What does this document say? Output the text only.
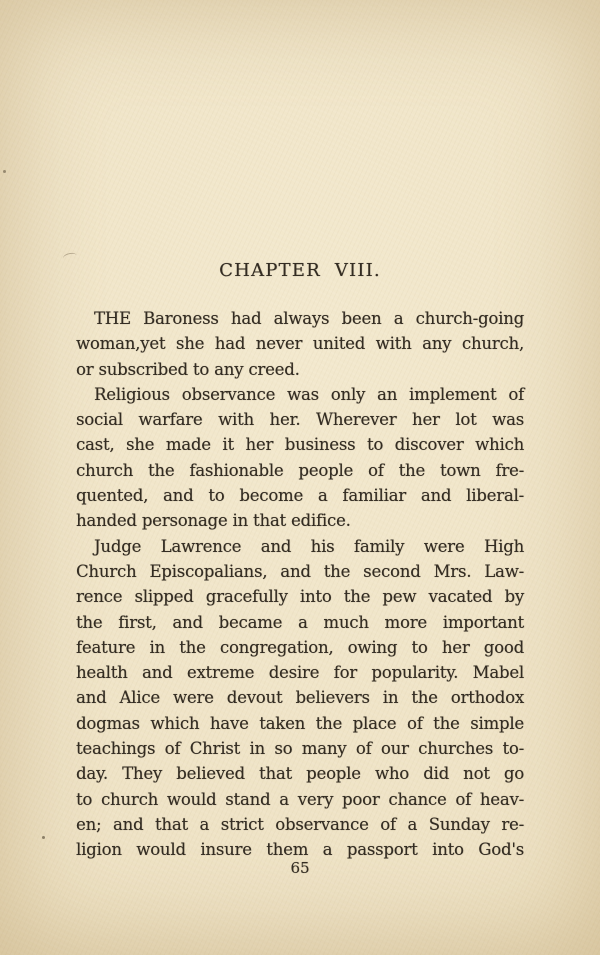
CHAPTER VIII.
THE Baroness had always been a church-going
woman,yet she had never united with any church,
or subscribed to any creed.
Religious observance was only an implement of
social warfare with her. Wherever her lot was
cast, she made it her business to discover which
church the fashionable people of the town fre-
quented, and to become a familiar and liberal-
handed personage in that edifice.
Judge Lawrence and his family were High
Church Episcopalians, and the second Mrs. Law-
rence slipped gracefully into the pew vacated by
the first, and became a much more important
feature in the congregation, owing to her good
health and extreme desire for popularity. Mabel
and Alice were devout believers in the orthodox
dogmas which have taken the place of the simple
teachings of Christ in so many of our churches to-
day. They believed that people who did not go
to church would stand a very poor chance of heav-
en; and that a strict observance of a Sunday re-
ligion would insure them a passport into God's
65
